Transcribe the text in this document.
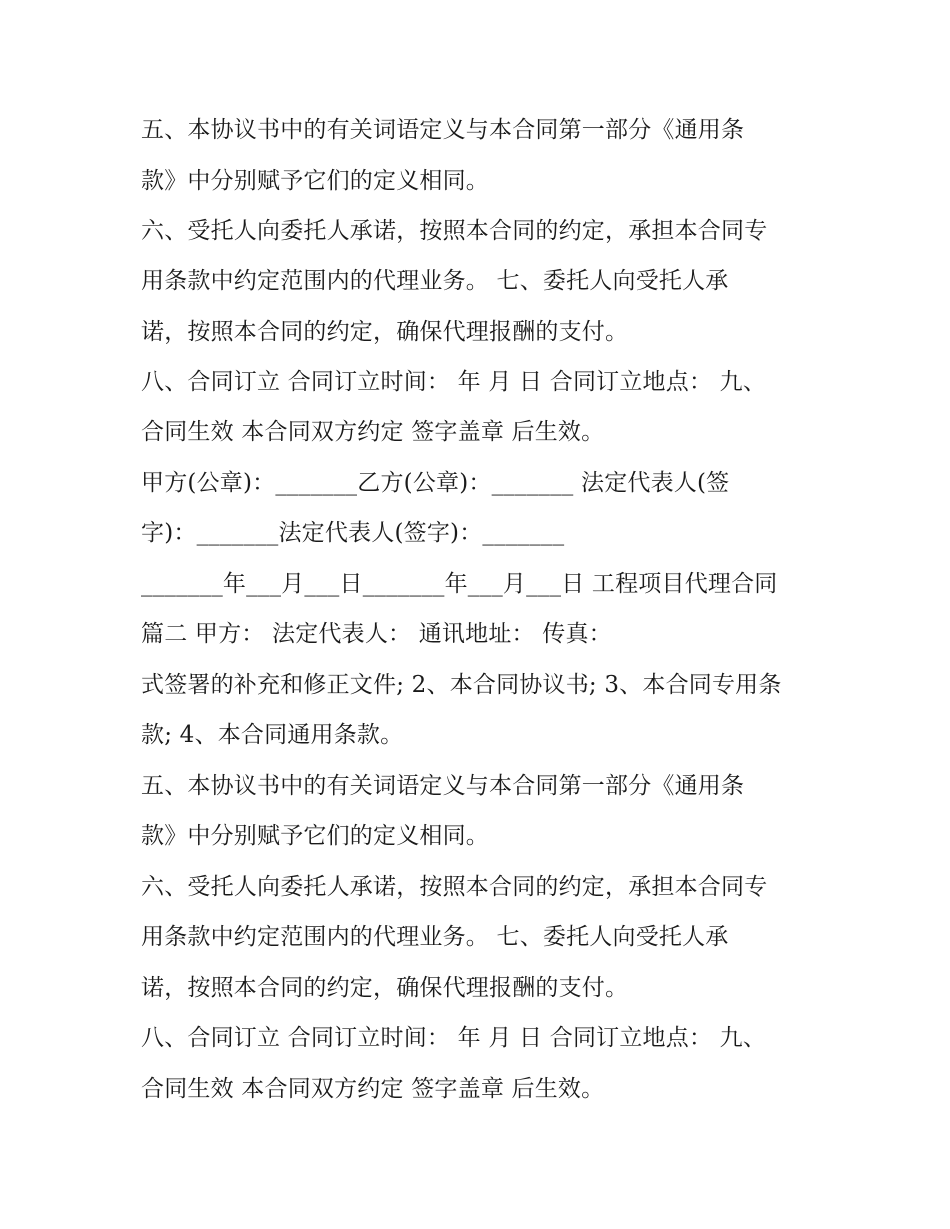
五、本协议书中的有关词语定义与本合同第一部分《通用条
款》中分别赋予它们的定义相同。
六、受托人向委托人承诺，按照本合同的约定，承担本合同专
用条款中约定范围内的代理业务。 七、委托人向受托人承
诺，按照本合同的约定，确保代理报酬的支付。
八、合同订立 合同订立时间： 年 月 日 合同订立地点： 九、
合同生效 本合同双方约定 签字盖章 后生效。
甲方(公章)：_______乙方(公章)：_______ 法定代表人(签
字)：_______法定代表人(签字)：_______
_______年___月___日_______年___月___日 工程项目代理合同
篇二 甲方： 法定代表人： 通讯地址： 传真：
式签署的补充和修正文件; 2、本合同协议书; 3、本合同专用条
款; 4、本合同通用条款。
五、本协议书中的有关词语定义与本合同第一部分《通用条
款》中分别赋予它们的定义相同。
六、受托人向委托人承诺，按照本合同的约定，承担本合同专
用条款中约定范围内的代理业务。 七、委托人向受托人承
诺，按照本合同的约定，确保代理报酬的支付。
八、合同订立 合同订立时间： 年 月 日 合同订立地点： 九、
合同生效 本合同双方约定 签字盖章 后生效。
